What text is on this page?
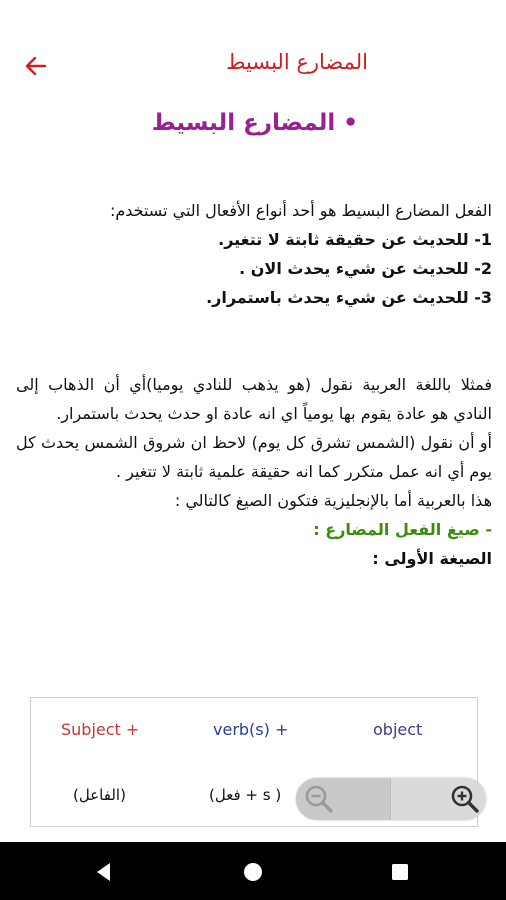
المضارع البسيط
• المضارع البسيط

الفعل المضارع البسيط هو أحد أنواع الأفعال التي تستخدم:

1- للحديث عن حقيقة ثابتة لا تتغير.

2- للحديث عن شيء يحدث الان .

3- للحديث عن شيء يحدث باستمرار.

فمثلا باللغة العربية نقول (هو يذهب للنادي يوميا)أي أن الذهاب إلى النادي هو عادة يقوم بها يومياً اي انه عادة او حدث يحدث باستمرار.

أو أن نقول (الشمس تشرق كل يوم) لاحظ ان شروق الشمس يحدث كل يوم أي انه عمل متكرر كما انه حقيقة علمية ثابتة لا تتغير .

هذا بالعربية أما بالإنجليزية فتكون الصيغ كالتالي :

- صيغ الفعل المضارع :

الصيغة الأولى :

object
verb(s) +
Subject +
(فعل + s )
(الفاعل)
